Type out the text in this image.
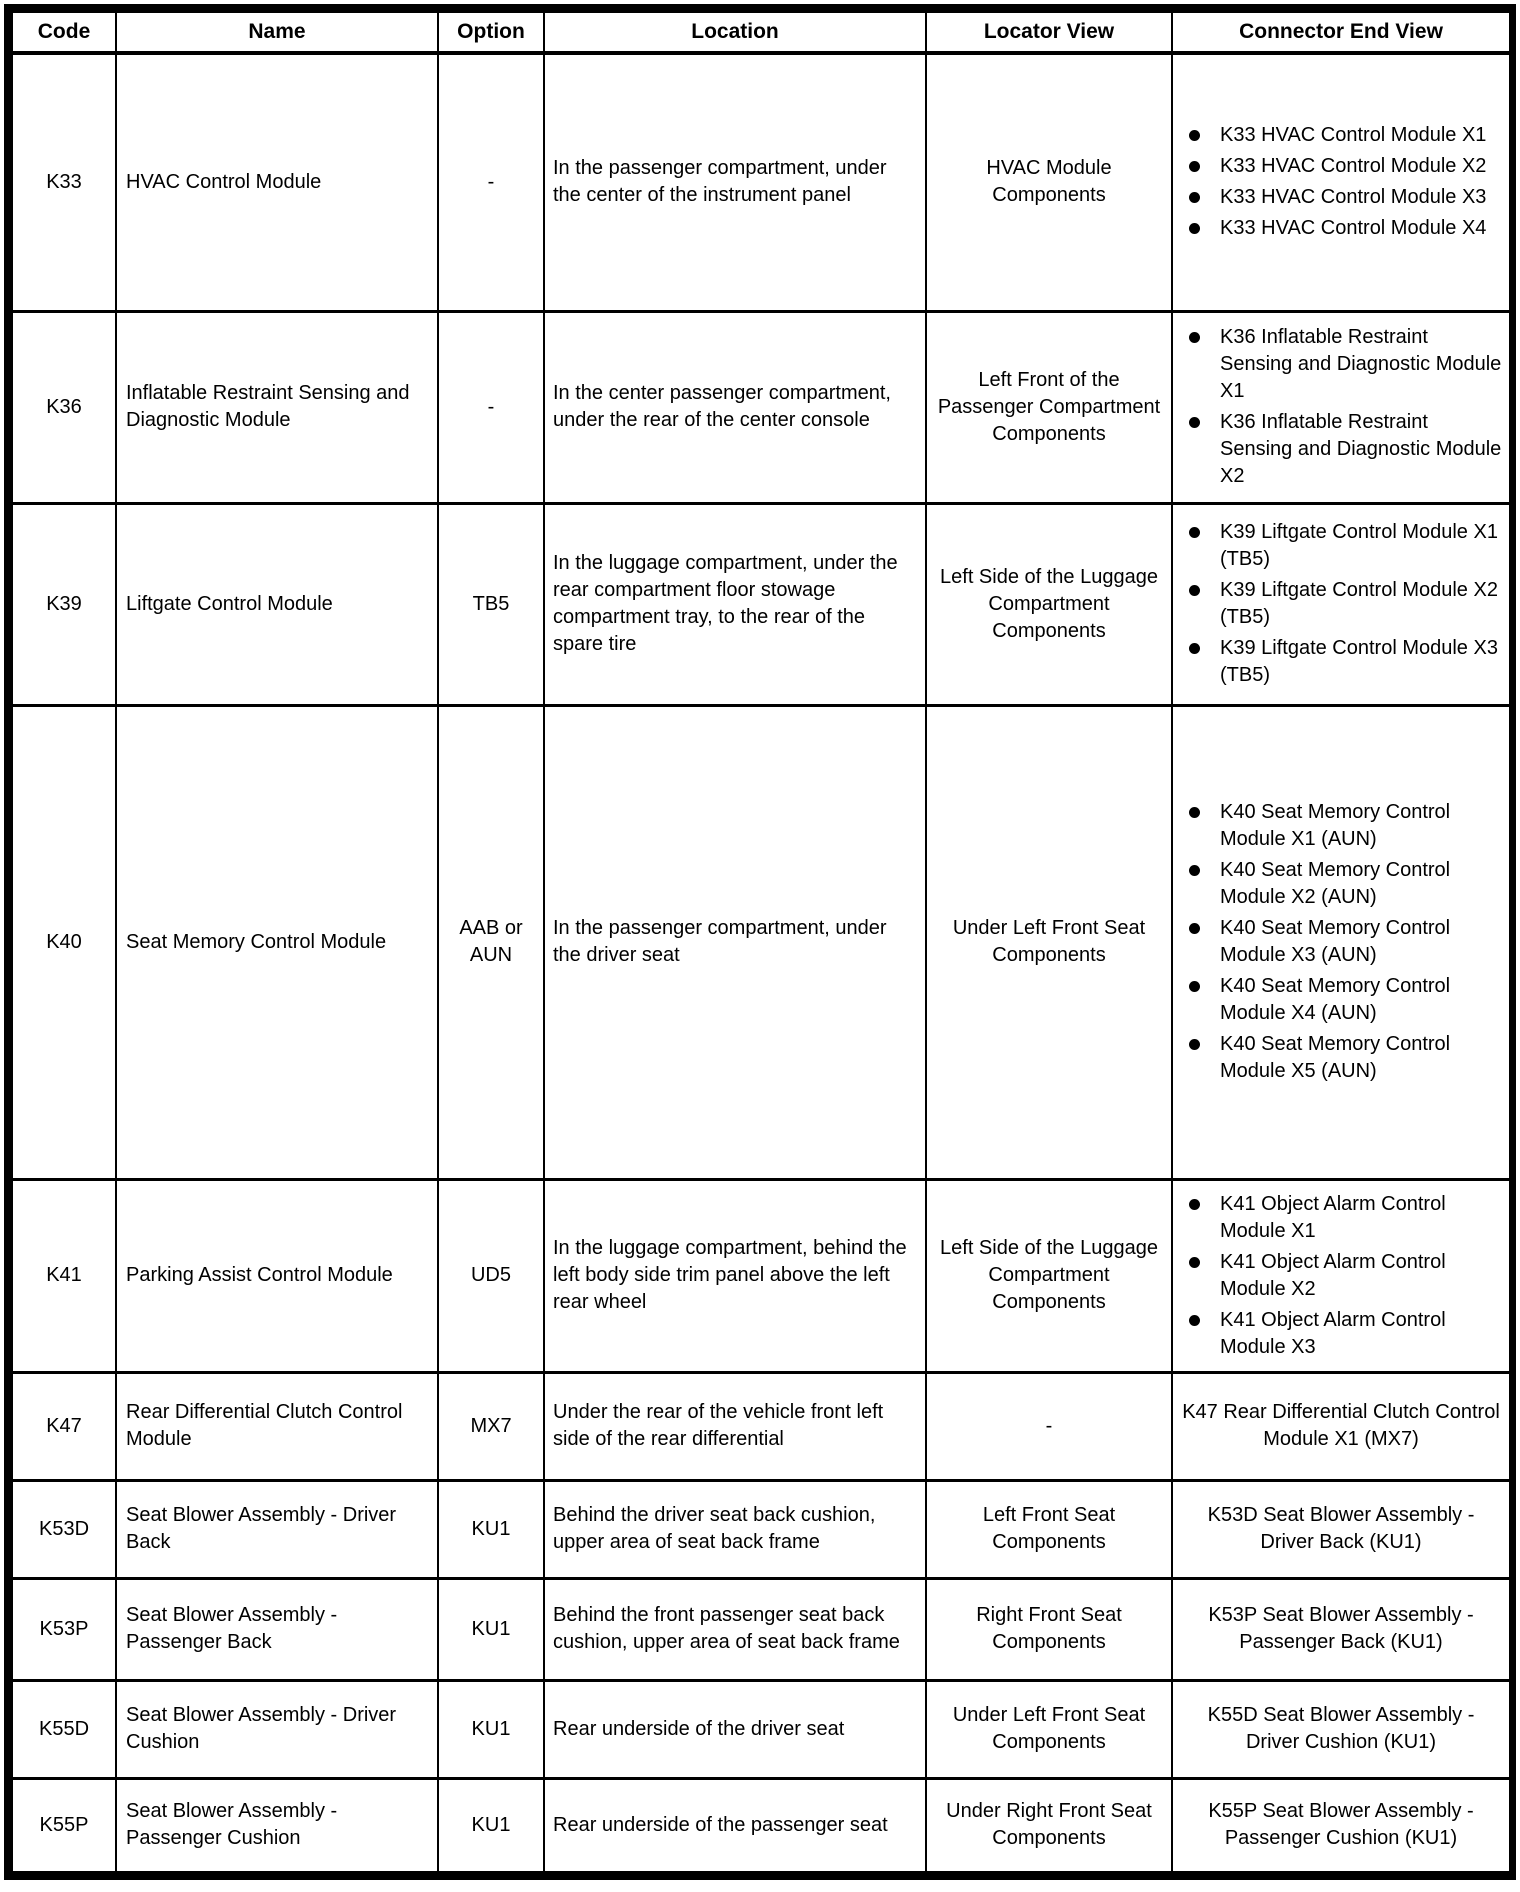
Code	Name	Option	Location	Locator View	Connector End View
K33	HVAC Control Module	-	In the passenger compartment, under the center of the instrument panel	HVAC Module Components	K33 HVAC Control Module X1
K33 HVAC Control Module X2
K33 HVAC Control Module X3
K33 HVAC Control Module X4

K36	Inflatable Restraint Sensing and Diagnostic Module	-	In the center passenger compartment, under the rear of the center console	Left Front of the Passenger Compartment Components	K36 Inflatable Restraint Sensing and Diagnostic Module X1
K36 Inflatable Restraint Sensing and Diagnostic Module X2

K39	Liftgate Control Module	TB5	In the luggage compartment, under the rear compartment floor stowage compartment tray, to the rear of the spare tire	Left Side of the Luggage Compartment Components	K39 Liftgate Control Module X1 (TB5)
K39 Liftgate Control Module X2 (TB5)
K39 Liftgate Control Module X3 (TB5)

K40	Seat Memory Control Module	AAB or AUN	In the passenger compartment, under the driver seat	Under Left Front Seat Components	K40 Seat Memory Control Module X1 (AUN)
K40 Seat Memory Control Module X2 (AUN)
K40 Seat Memory Control Module X3 (AUN)
K40 Seat Memory Control Module X4 (AUN)
K40 Seat Memory Control Module X5 (AUN)

K41	Parking Assist Control Module	UD5	In the luggage compartment, behind the left body side trim panel above the left rear wheel	Left Side of the Luggage Compartment Components	K41 Object Alarm Control Module X1
K41 Object Alarm Control Module X2
K41 Object Alarm Control Module X3

K47	Rear Differential Clutch Control Module	MX7	Under the rear of the vehicle front left side of the rear differential	-	K47 Rear Differential Clutch Control Module X1 (MX7)
K53D	Seat Blower Assembly - Driver Back	KU1	Behind the driver seat back cushion, upper area of seat back frame	Left Front Seat Components	K53D Seat Blower Assembly - Driver Back (KU1)
K53P	Seat Blower Assembly - Passenger Back	KU1	Behind the front passenger seat back cushion, upper area of seat back frame	Right Front Seat Components	K53P Seat Blower Assembly - Passenger Back (KU1)
K55D	Seat Blower Assembly - Driver Cushion	KU1	Rear underside of the driver seat	Under Left Front Seat Components	K55D Seat Blower Assembly - Driver Cushion (KU1)
K55P	Seat Blower Assembly - Passenger Cushion	KU1	Rear underside of the passenger seat	Under Right Front Seat Components	K55P Seat Blower Assembly - Passenger Cushion (KU1)
